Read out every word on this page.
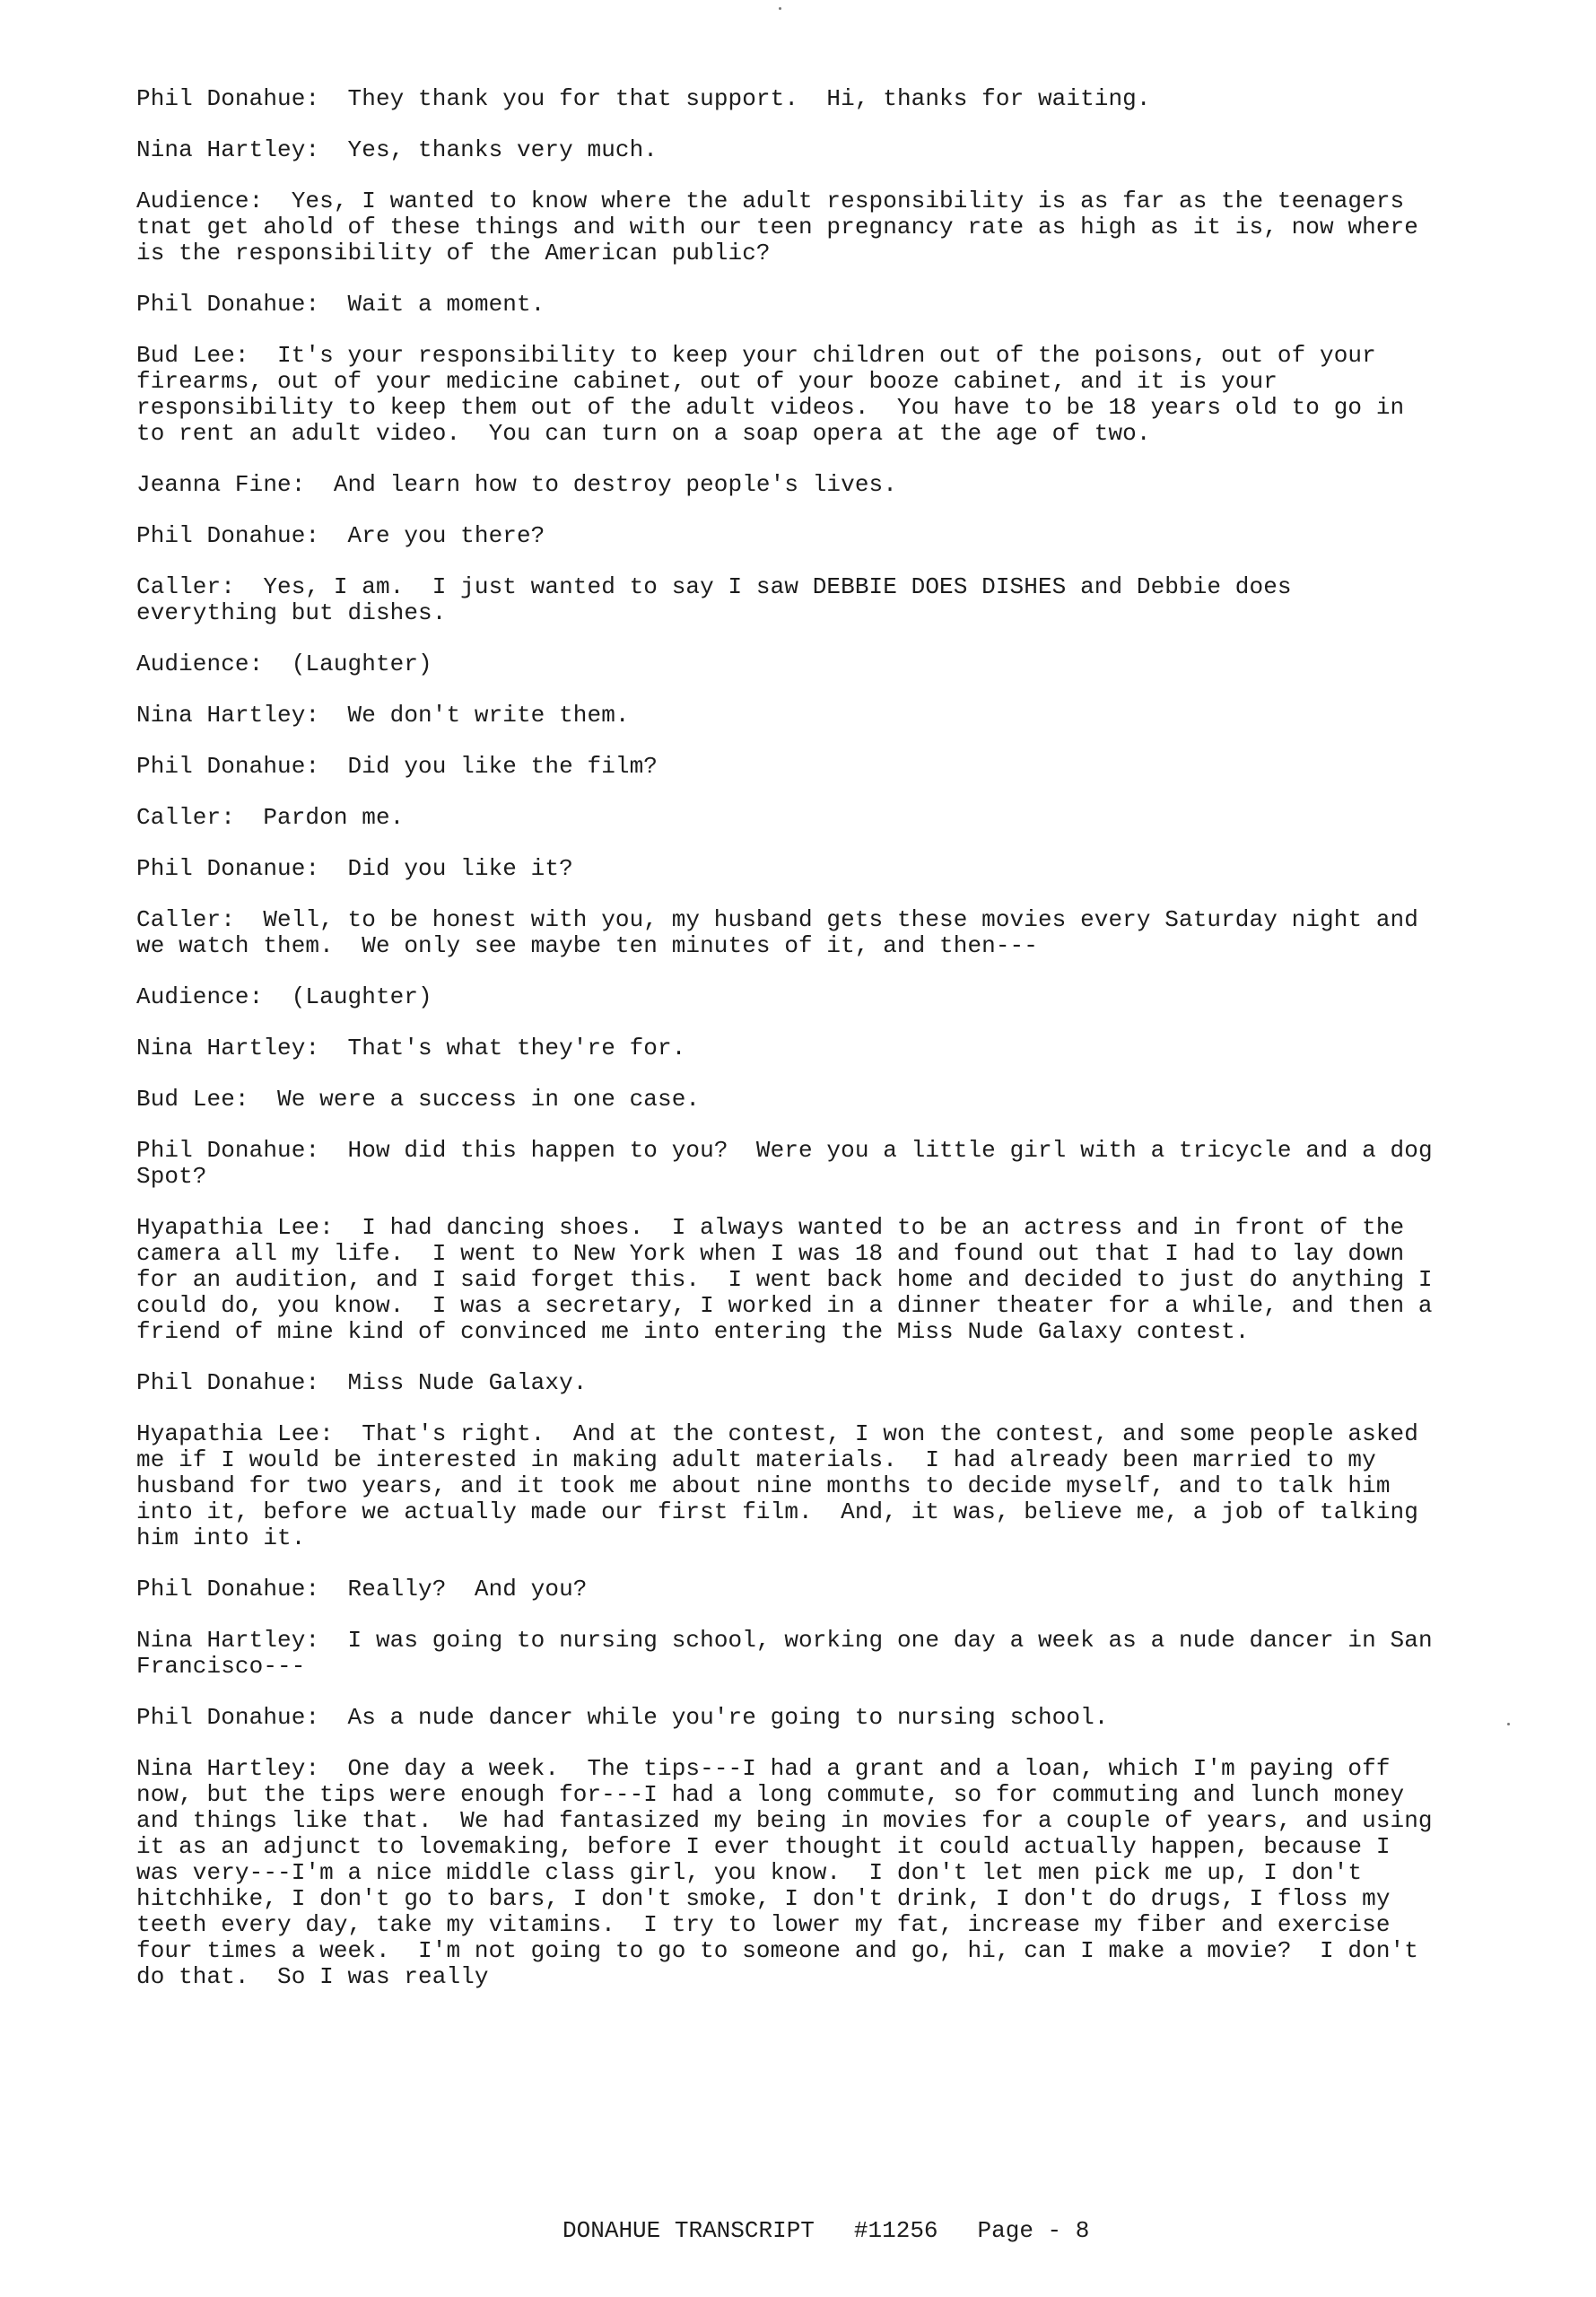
Phil Donahue : They thank you for that support.  Hi, thanks for waiting.

Nina Hartley : Yes, thanks very much.

Audience : Yes, I wanted to know where the adult responsibility is as far as the teenagers tnat get ahold of these things and with our teen pregnancy rate as high as it is, now where is the responsibility of the American public?

Phil Donahue : Wait a moment.

Bud Lee : It's your responsibility to keep your children out of the poisons, out of your firearms, out of your medicine cabinet, out of your booze cabinet, and it is your responsibility to keep them out of the adult videos.  You have to be 18 years old to go in to rent an adult video.  You can turn on a soap opera at the age of two.

Jeanna Fine : And learn how to destroy people's lives.

Phil Donahue : Are you there?

Caller : Yes, I am.  I just wanted to say I saw DEBBIE DOES DISHES and Debbie does everything but dishes.

Audience : (Laughter)

Nina Hartley : We don't write them.

Phil Donahue : Did you like the film?

Caller : Pardon me.

Phil Donanue : Did you like it?

Caller : Well, to be honest with you, my husband gets these movies every Saturday night and we watch them.  We only see maybe ten minutes of it, and then---

Audience : (Laughter)

Nina Hartley : That's what they're for.

Bud Lee : We were a success in one case.

Phil Donahue : How did this happen to you?  Were you a little girl with a tricycle and a dog Spot?

Hyapathia Lee : I had dancing shoes.  I always wanted to be an actress and in front of the camera all my life.  I went to New York when I was 18 and found out that I had to lay down for an audition, and I said forget this.  I went back home and decided to just do anything I could do, you know.  I was a secretary, I worked in a dinner theater for a while, and then a friend of mine kind of convinced me into entering the Miss Nude Galaxy contest.

Phil Donahue : Miss Nude Galaxy.

Hyapathia Lee : That's right.  And at the contest, I won the contest, and some people asked me if I would be interested in making adult materials.  I had already been married to my husband for two years, and it took me about nine months to decide myself, and to talk him into it, before we actually made our first film.  And, it was, believe me, a job of talking him into it.

Phil Donahue : Really?  And you?

Nina Hartley : I was going to nursing school, working one day a week as a nude dancer in San Francisco---

Phil Donahue : As a nude dancer while you're going to nursing school.

Nina Hartley : One day a week.  The tips---I had a grant and a loan, which I'm paying off now, but the tips were enough for---I had a long commute, so for commuting and lunch money and things like that.  We had fantasized my being in movies for a couple of years, and using it as an adjunct to lovemaking, before I ever thought it could actually happen, because I was very---I'm a nice middle class girl, you know.  I don't let men pick me up, I don't hitchhike, I don't go to bars, I don't smoke, I don't drink, I don't do drugs, I floss my teeth every day, take my vitamins.  I try to lower my fat, increase my fiber and exercise four times a week.  I'm not going to go to someone and go, hi, can I make a movie?  I don't do that.  So I was really

DONAHUE TRANSCRIPT #11256 Page - 8
